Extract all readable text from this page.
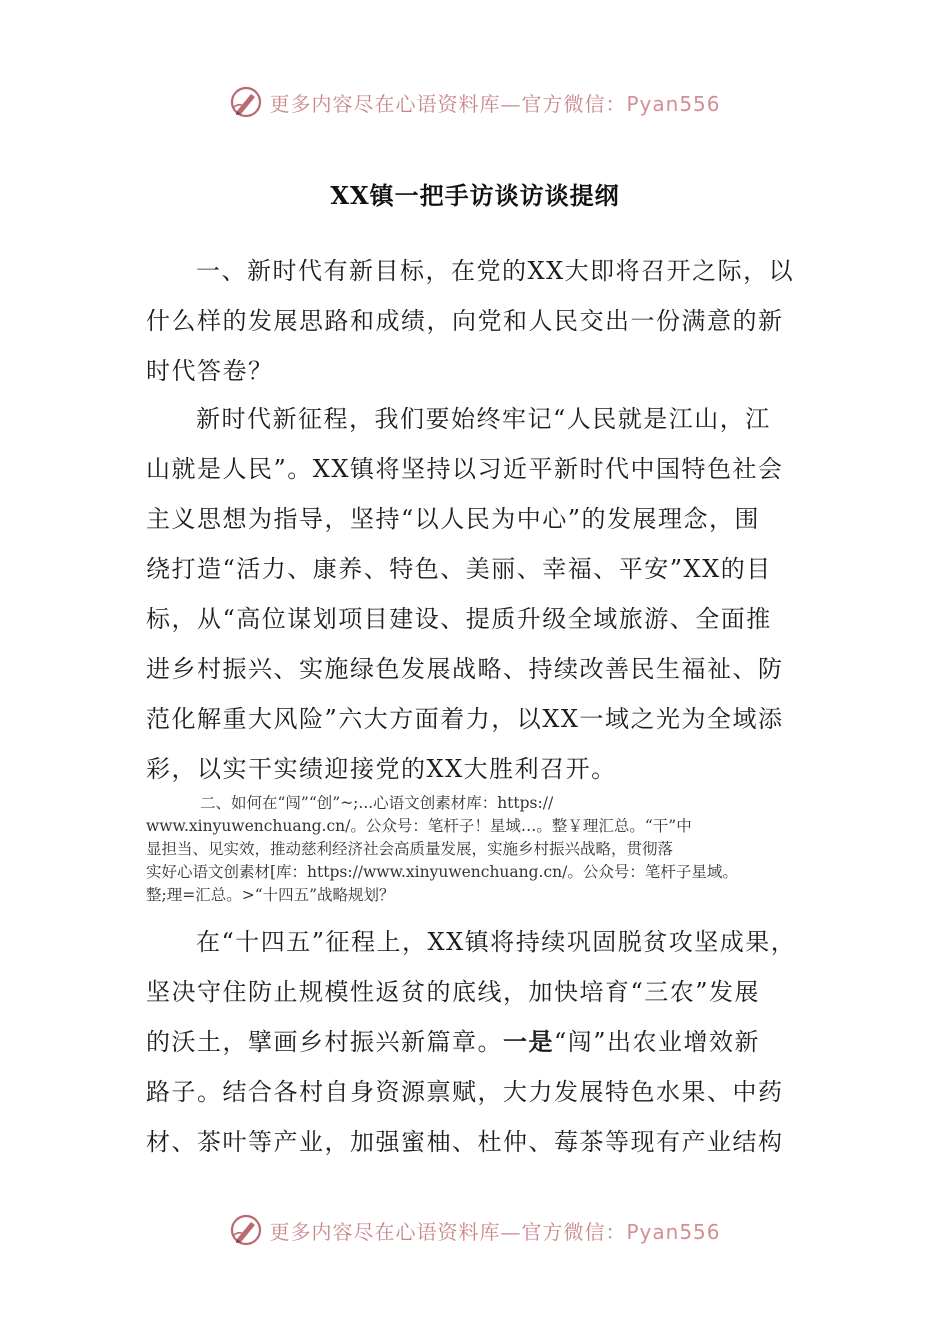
更多内容尽在心语资料库—官方微信：Pyan556
XX镇一把手访谈访谈提纲
一、新时代有新目标，在党的XX大即将召开之际，以
什么样的发展思路和成绩，向党和人民交出一份满意的新
时代答卷？
新时代新征程，我们要始终牢记“人民就是江山，江
山就是人民”。XX镇将坚持以习近平新时代中国特色社会
主义思想为指导，坚持“以人民为中心”的发展理念，围
绕打造“活力、康养、特色、美丽、幸福、平安”XX的目
标，从“高位谋划项目建设、提质升级全域旅游、全面推
进乡村振兴、实施绿色发展战略、持续改善民生福祉、防
范化解重大风险”六大方面着力，以XX一域之光为全域添
彩，以实干实绩迎接党的XX大胜利召开。
二、如何在“闯”“创”~;...心语文创素材库：https://
www.xinyuwenchuang.cn/。公众号：笔杆子！星域…。整￥理汇总。“干”中
显担当、见实效，推动慈利经济社会高质量发展，实施乡村振兴战略，贯彻落
实好心语文创素材[库：https://www.xinyuwenchuang.cn/。公众号：笔杆子星域。
整;理=汇总。>“十四五”战略规划？
在“十四五”征程上，XX镇将持续巩固脱贫攻坚成果，
坚决守住防止规模性返贫的底线，加快培育“三农”发展
的沃土，擘画乡村振兴新篇章。一是“闯”出农业增效新
路子。结合各村自身资源禀赋，大力发展特色水果、中药
材、茶叶等产业，加强蜜柚、杜仲、莓茶等现有产业结构
更多内容尽在心语资料库—官方微信：Pyan556
